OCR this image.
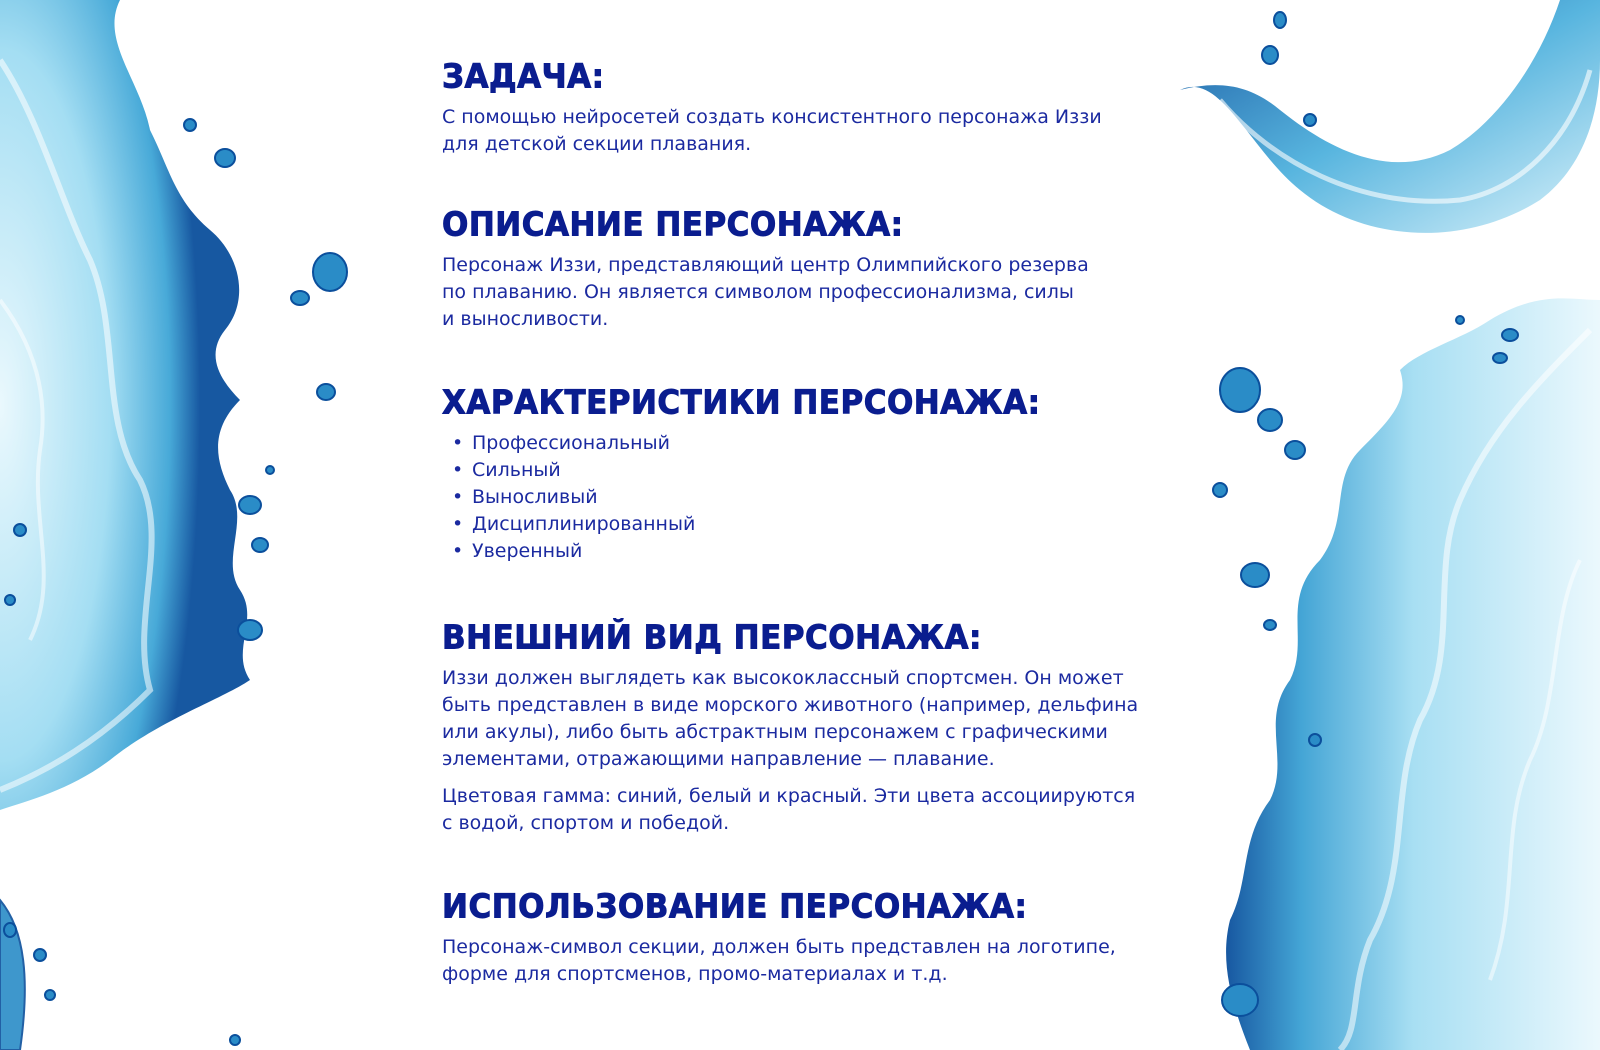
ЗАДАЧА:

С помощью нейросетей создать консистентного персонажа Иззи
для детской секции плавания.

ОПИСАНИЕ ПЕРСОНАЖА:

Персонаж Иззи, представляющий центр Олимпийского резерва
по плаванию. Он является символом профессионализма, силы
и выносливости.

ХАРАКТЕРИСТИКИ ПЕРСОНАЖА:
• Профессиональный
• Сильный
• Выносливый
• Дисциплинированный
• Уверенный
ВНЕШНИЙ ВИД ПЕРСОНАЖА:

Иззи должен выглядеть как высококлассный спортсмен. Он может
быть представлен в виде морского животного (например, дельфина
или акулы), либо быть абстрактным персонажем с графическими
элементами, отражающими направление — плавание.

Цветовая гамма: синий, белый и красный. Эти цвета ассоциируются
с водой, спортом и победой.

ИСПОЛЬЗОВАНИЕ ПЕРСОНАЖА:

Персонаж-символ секции, должен быть представлен на логотипе,
форме для спортсменов, промо-материалах и т.д.
